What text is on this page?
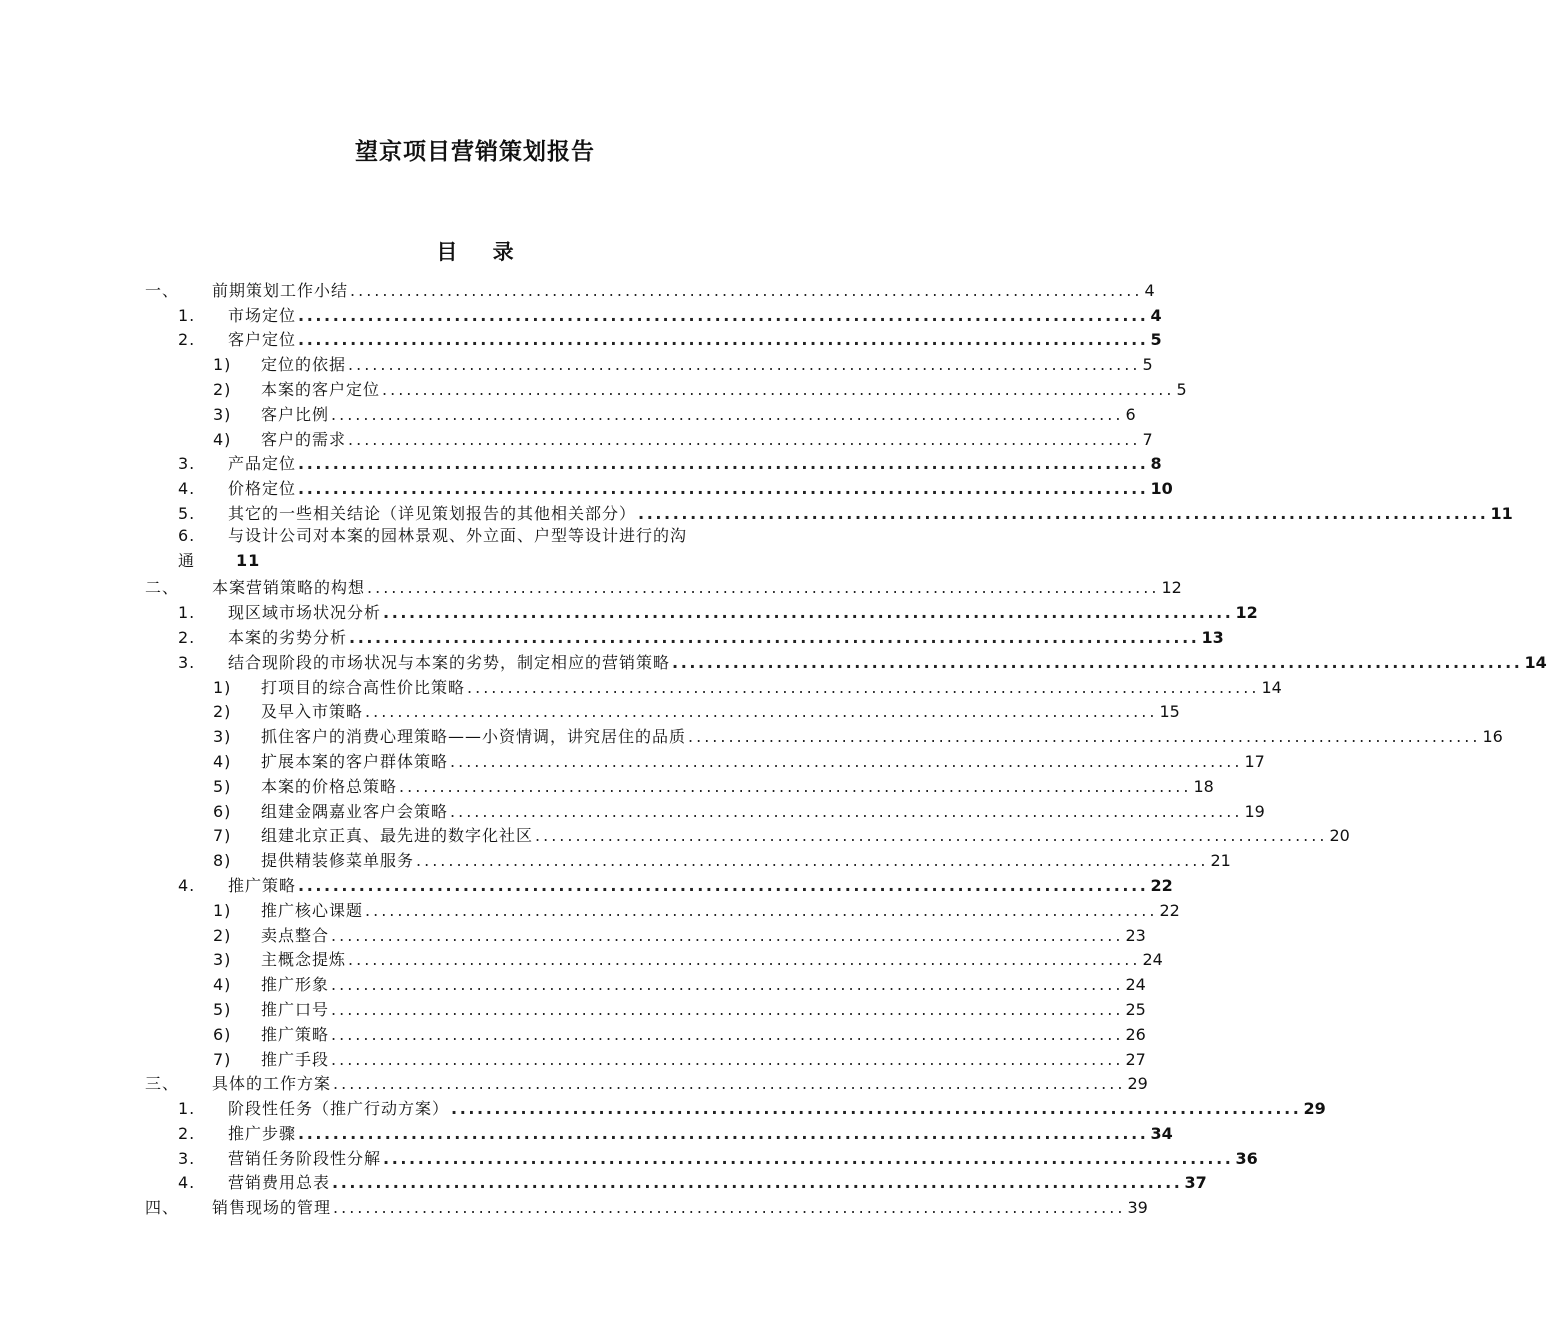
望京项目营销策划报告
目 录
一、	前期策划工作小结 .................................................................................................. 4
1.	市场定位 .................................................................................................. 4
2.	客户定位 .................................................................................................. 5
1)	定位的依据 .................................................................................................. 5
2)	本案的客户定位 .................................................................................................. 5
3)	客户比例 .................................................................................................. 6
4)	客户的需求 .................................................................................................. 7
3.	产品定位 .................................................................................................. 8
4.	价格定位 .................................................................................................. 10
5.	其它的一些相关结论（详见策划报告的其他相关部分） .................................................................................................. 11
6.	与设计公司对本案的园林景观、外立面、户型等设计进行的沟
通	11
二、	本案营销策略的构想 .................................................................................................. 12
1.	现区域市场状况分析 .................................................................................................. 12
2.	本案的劣势分析 .................................................................................................. 13
3.	结合现阶段的市场状况与本案的劣势，制定相应的营销策略 .................................................................................................. 14
1)	打项目的综合高性价比策略 .................................................................................................. 14
2)	及早入市策略 .................................................................................................. 15
3)	抓住客户的消费心理策略——小资情调，讲究居住的品质 .................................................................................................. 16
4)	扩展本案的客户群体策略 .................................................................................................. 17
5)	本案的价格总策略 .................................................................................................. 18
6)	组建金隅嘉业客户会策略 .................................................................................................. 19
7)	组建北京正真、最先进的数字化社区 .................................................................................................. 20
8)	提供精装修菜单服务 .................................................................................................. 21
4.	推广策略 .................................................................................................. 22
1)	推广核心课题 .................................................................................................. 22
2)	卖点整合 .................................................................................................. 23
3)	主概念提炼 .................................................................................................. 24
4)	推广形象 .................................................................................................. 24
5)	推广口号 .................................................................................................. 25
6)	推广策略 .................................................................................................. 26
7)	推广手段 .................................................................................................. 27
三、	具体的工作方案 .................................................................................................. 29
1.	阶段性任务（推广行动方案） .................................................................................................. 29
2.	推广步骤 .................................................................................................. 34
3.	营销任务阶段性分解 .................................................................................................. 36
4.	营销费用总表 .................................................................................................. 37
四、	销售现场的管理 .................................................................................................. 39
